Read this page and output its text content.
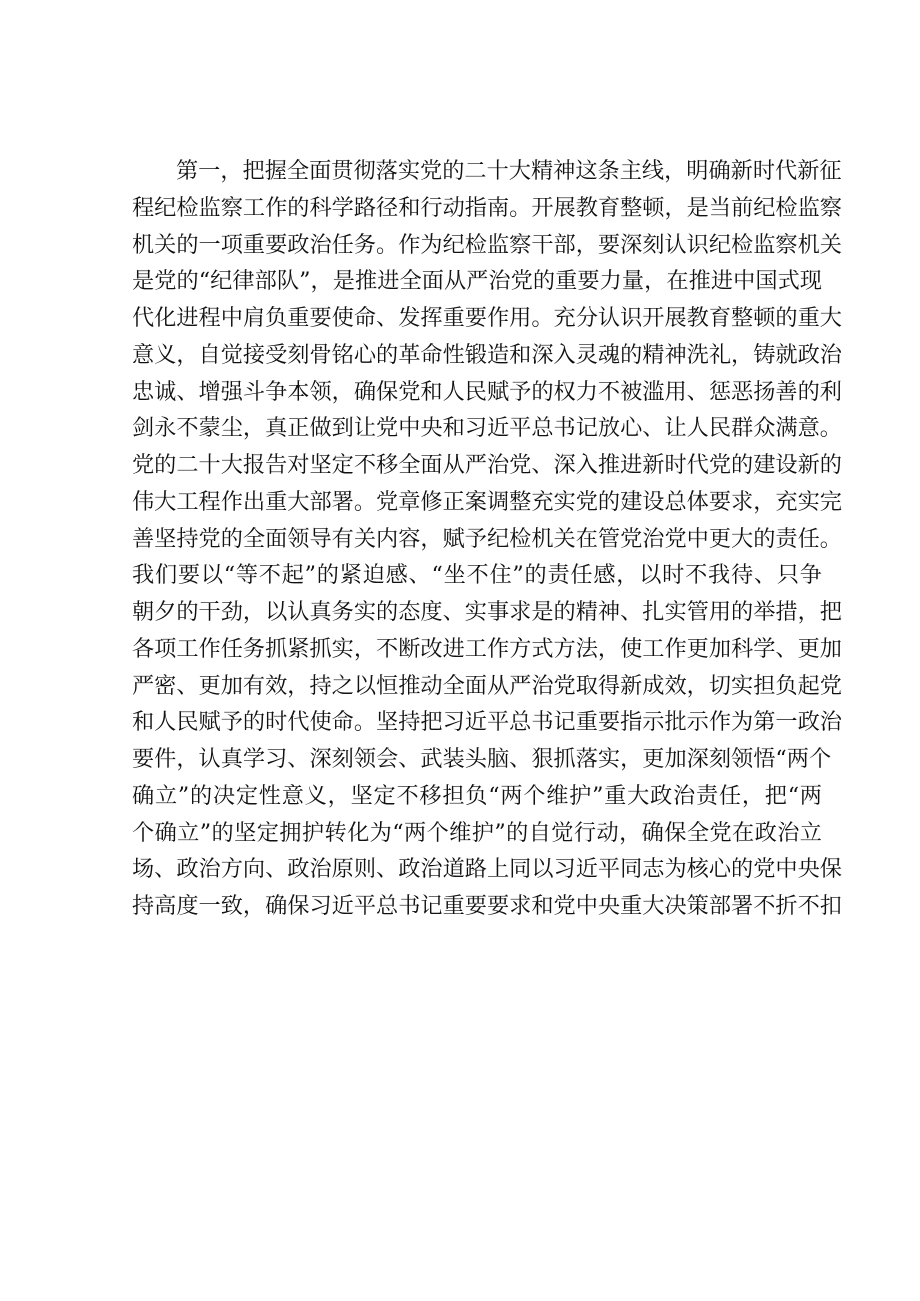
第一，把握全面贯彻落实党的二十大精神这条主线，明确新时代新征
程纪检监察工作的科学路径和行动指南。开展教育整顿，是当前纪检监察
机关的一项重要政治任务。作为纪检监察干部，要深刻认识纪检监察机关
是党的“纪律部队”，是推进全面从严治党的重要力量，在推进中国式现
代化进程中肩负重要使命、发挥重要作用。充分认识开展教育整顿的重大
意义，自觉接受刻骨铭心的革命性锻造和深入灵魂的精神洗礼，铸就政治
忠诚、增强斗争本领，确保党和人民赋予的权力不被滥用、惩恶扬善的利
剑永不蒙尘，真正做到让党中央和习近平总书记放心、让人民群众满意。
党的二十大报告对坚定不移全面从严治党、深入推进新时代党的建设新的
伟大工程作出重大部署。党章修正案调整充实党的建设总体要求，充实完
善坚持党的全面领导有关内容，赋予纪检机关在管党治党中更大的责任。
我们要以“等不起”的紧迫感、“坐不住”的责任感，以时不我待、只争
朝夕的干劲，以认真务实的态度、实事求是的精神、扎实管用的举措，把
各项工作任务抓紧抓实，不断改进工作方式方法，使工作更加科学、更加
严密、更加有效，持之以恒推动全面从严治党取得新成效，切实担负起党
和人民赋予的时代使命。坚持把习近平总书记重要指示批示作为第一政治
要件，认真学习、深刻领会、武装头脑、狠抓落实，更加深刻领悟“两个
确立”的决定性意义，坚定不移担负“两个维护”重大政治责任，把“两
个确立”的坚定拥护转化为“两个维护”的自觉行动，确保全党在政治立
场、政治方向、政治原则、政治道路上同以习近平同志为核心的党中央保
持高度一致，确保习近平总书记重要要求和党中央重大决策部署不折不扣
